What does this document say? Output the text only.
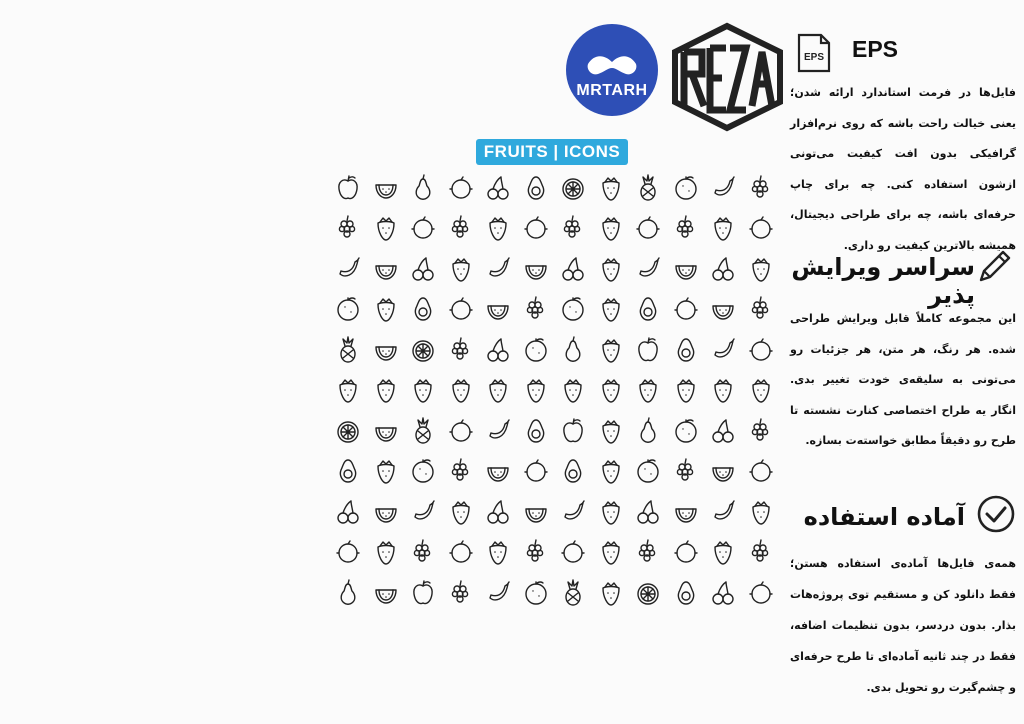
MRTARH
FRUITS | ICONS
EPS EPS
فایل‌ها در فرمت استاندارد ارائه شدن؛ یعنی خیالت راحت باشه که روی نرم‌افزار گرافیکی بدون افت کیفیت می‌تونی ازشون استفاده کنی. چه برای چاپ حرفه‌ای باشه، چه برای طراحی دیجیتال، همیشه بالاترین کیفیت رو داری.
سراسر ویرایش پذیر
این مجموعه کاملاً قابل ویرایش طراحی شده. هر رنگ، هر متن، هر جزئیات رو می‌تونی به سلیقه‌ی خودت تغییر بدی. انگار یه طراح اختصاصی کنارت نشسته تا طرح رو دقیقاً مطابق خواسته‌ت بسازه.
آماده استفاده
همه‌ی فایل‌ها آماده‌ی استفاده هستن؛ فقط دانلود کن و مستقیم توی پروژه‌هات بذار. بدون دردسر، بدون تنظیمات اضافه، فقط در چند ثانیه آماده‌ای تا طرح حرفه‌ای و چشم‌گیرت رو تحویل بدی.
